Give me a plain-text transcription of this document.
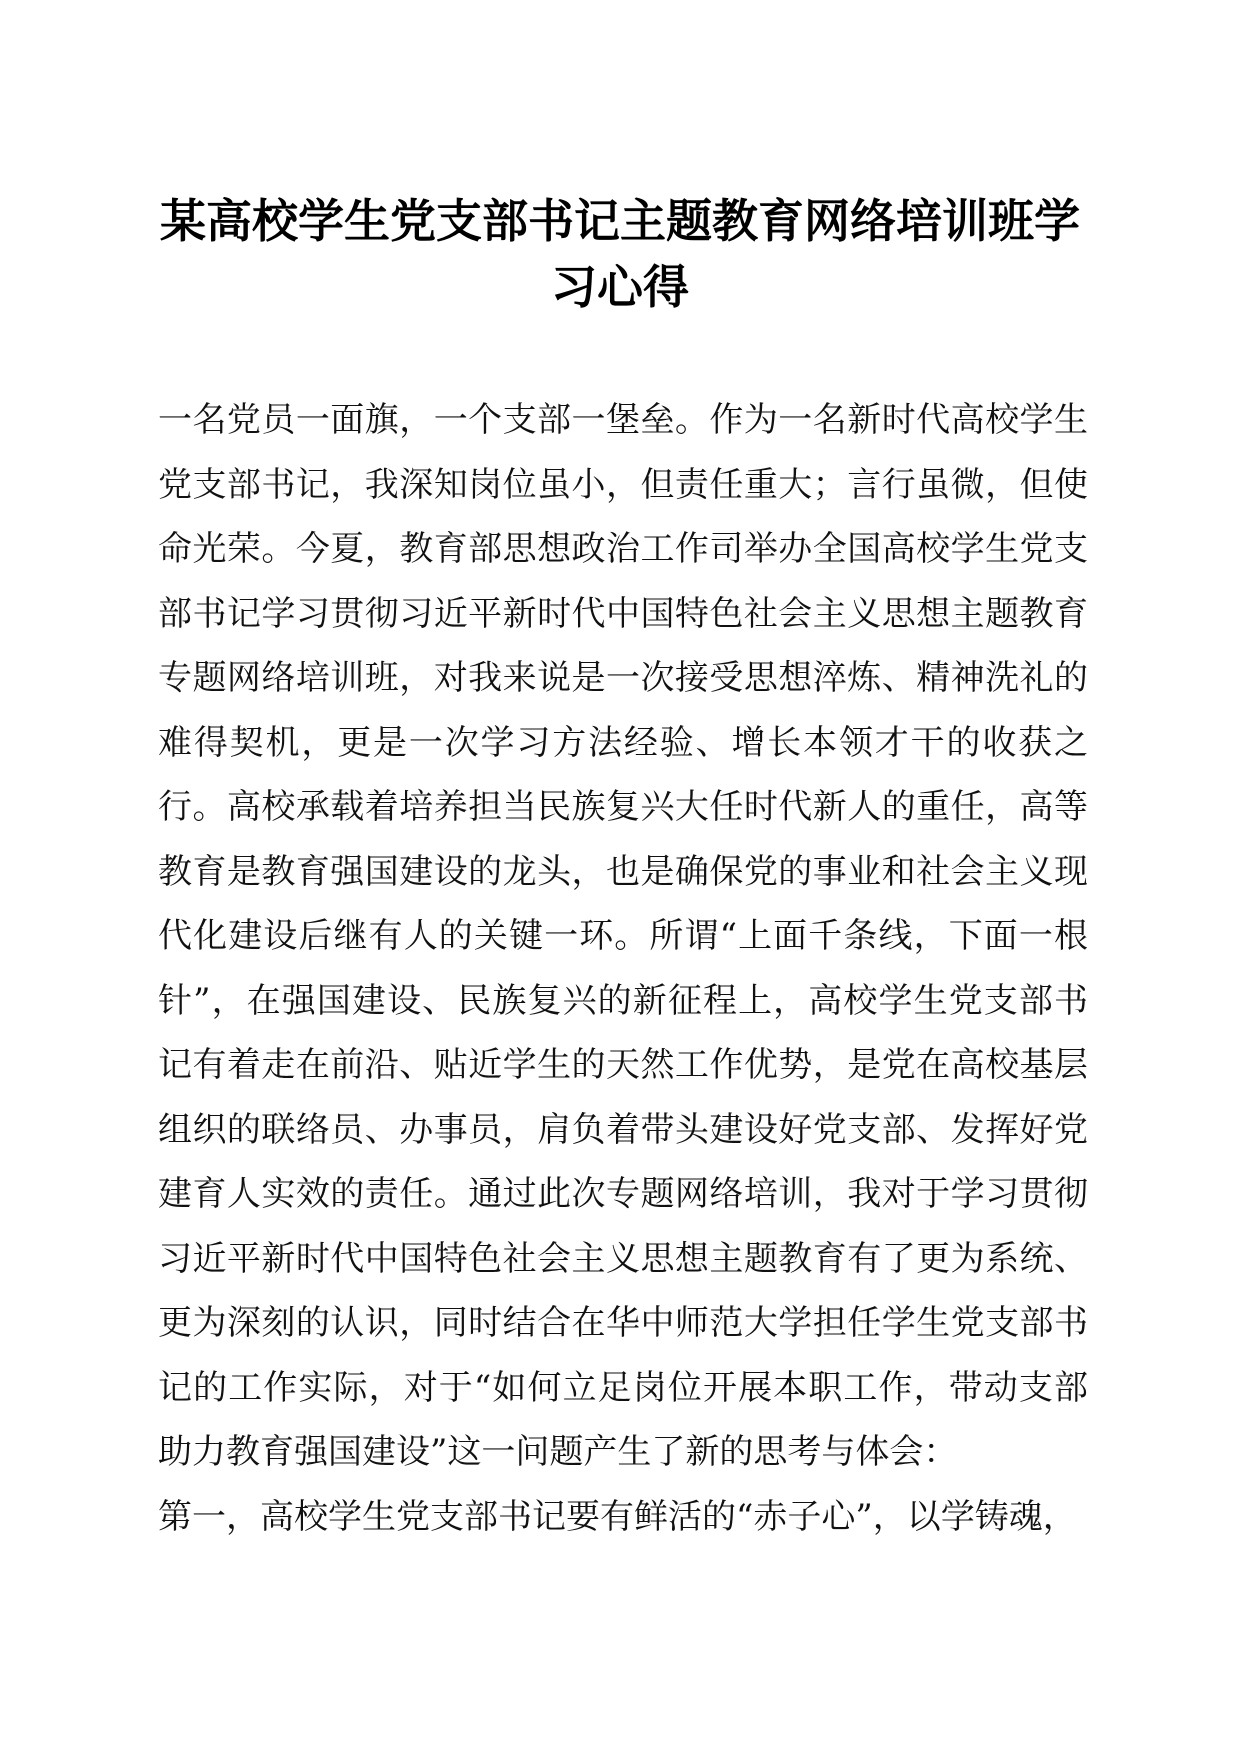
某高校学生党支部书记主题教育网络培训班学习心得

一名党员一面旗，一个支部一堡垒。作为一名新时代高校学生党支部书记，我深知岗位虽小，但责任重大；言行虽微，但使命光荣。今夏，教育部思想政治工作司举办全国高校学生党支部书记学习贯彻习近平新时代中国特色社会主义思想主题教育专题网络培训班，对我来说是一次接受思想淬炼、精神洗礼的难得契机，更是一次学习方法经验、增长本领才干的收获之行。高校承载着培养担当民族复兴大任时代新人的重任，高等教育是教育强国建设的龙头，也是确保党的事业和社会主义现代化建设后继有人的关键一环。所谓“上面千条线，下面一根针”，在强国建设、民族复兴的新征程上，高校学生党支部书记有着走在前沿、贴近学生的天然工作优势，是党在高校基层组织的联络员、办事员，肩负着带头建设好党支部、发挥好党建育人实效的责任。通过此次专题网络培训，我对于学习贯彻习近平新时代中国特色社会主义思想主题教育有了更为系统、更为深刻的认识，同时结合在华中师范大学担任学生党支部书记的工作实际，对于“如何立足岗位开展本职工作，带动支部助力教育强国建设”这一问题产生了新的思考与体会：

第一，高校学生党支部书记要有鲜活的“赤子心”，以学铸魂，
